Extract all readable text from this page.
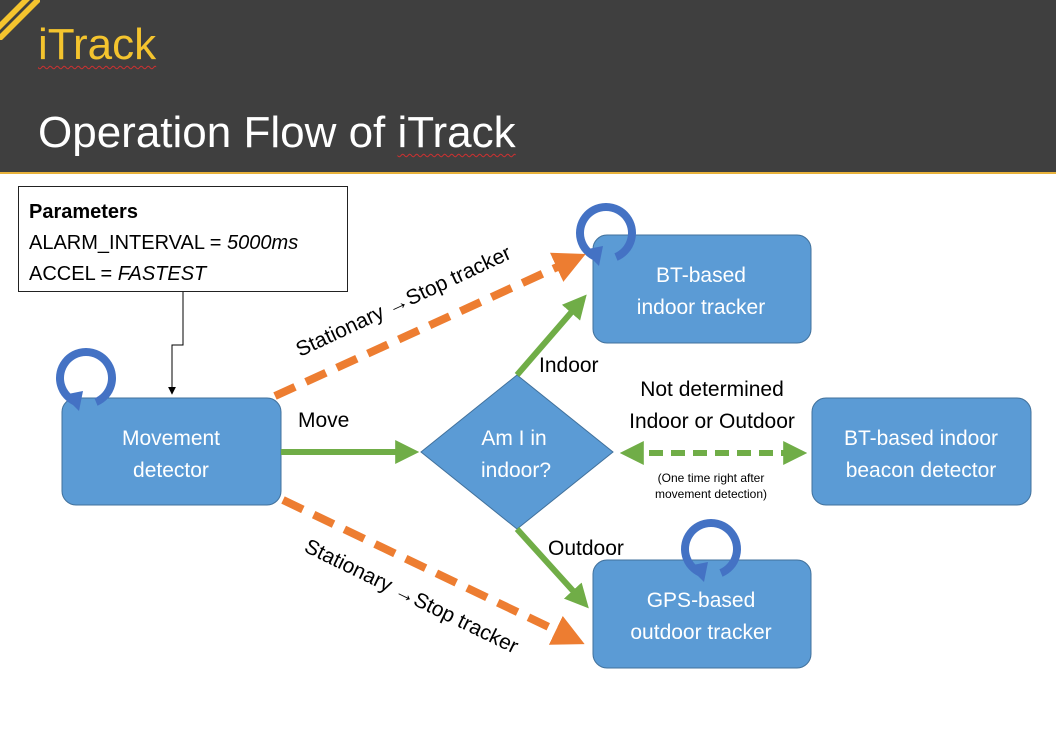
iTrack
Operation Flow of iTrack
Parameters
ALARM_INTERVAL = 5000ms
ACCEL = FASTEST
Movement
detector
Am I in
indoor?
BT-based
indoor tracker
GPS-based
outdoor tracker
BT-based indoor
beacon detector
Move
Indoor
Outdoor
Not determined
Indoor or Outdoor
(One time right after
movement detection)
Stationary →Stop tracker
Stationary →Stop tracker
